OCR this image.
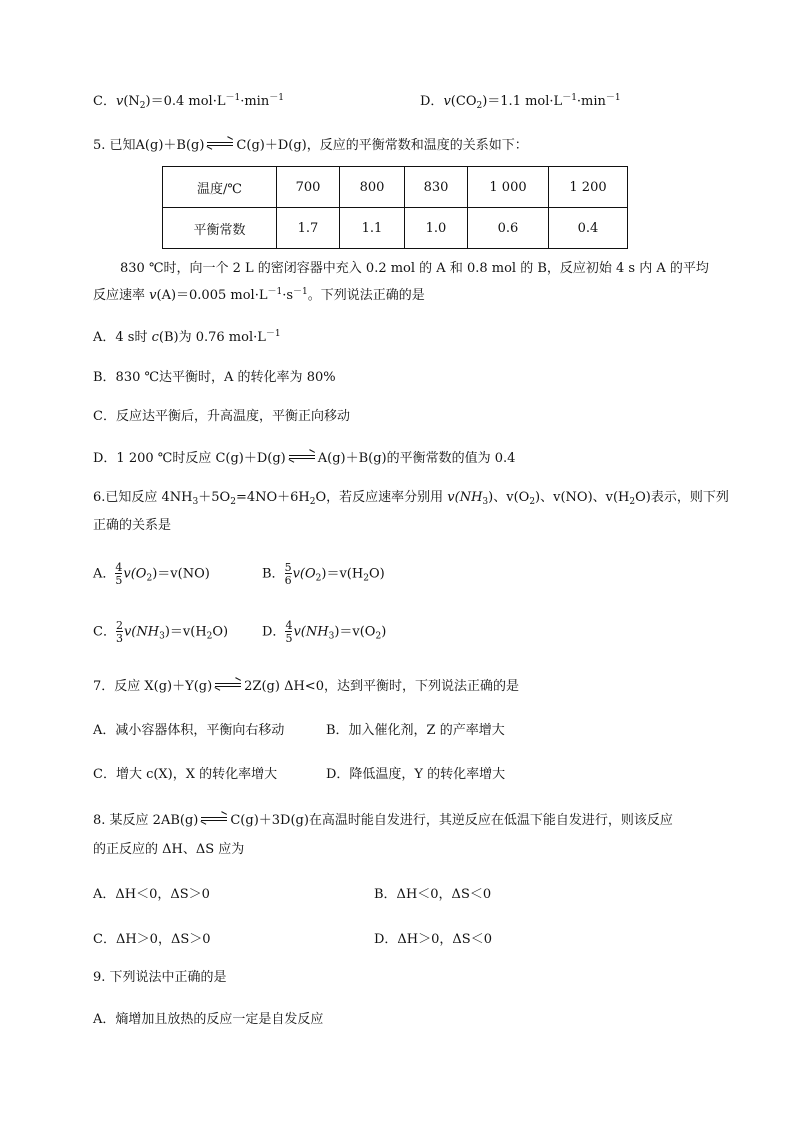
C．$v(N_2)=0.4$ $mol\cdot L^{-1}\cdot\min^{-1}$	D．$v(CO_2)=1.1$ $mol\cdot L^{-1}\cdot\min^{-1}$
5. 已知A(g)＋B(g) C(g)＋D(g)，反应的平衡常数和温度的关系如下：
温度/℃	700	800	830	1 000	1 200
平衡常数	1.7	1.1	1.0	0.6	0.4
830 ℃时，向一个 2 L 的密闭容器中充入 0.2 mol 的 A 和 0.8 mol 的 B，反应初始 4 s 内 A 的平均
反应速率 v(A)＝0.005 $mol\cdot L^{-1}\cdot s^{-1}$。下列说法正确的是
A．4 s时 c(B)为 0.76 $mol\cdot L^{-1}$
B．830 ℃达平衡时，A 的转化率为 80%
C．反应达平衡后，升高温度，平衡正向移动
D．1 200 ℃时反应 C(g)＋D(g) A(g)＋B(g)的平衡常数的值为 0.4
6.已知反应 $4NH_3+5O_2=4NO+6H_2O$，若反应速率分别用 $v(NH_3)$、$v(O_2)$、v(NO)、$v(H_2O)$表示，则下列
正确的关系是
A． $\frac{4}{5} v(O_2)=v(NO)$	B． $\frac{5}{6} v(O_2)=v(H_2O)$
C． $\frac{2}{3} v(NH_3)=v(H_2O)$	D． $\frac{4}{5} v(NH_3)=v(O_2)$
7．反应 X(g)＋Y(g) 2Z(g) ΔH<0，达到平衡时，下列说法正确的是
A．减小容器体积，平衡向右移动	B．加入催化剂，Z 的产率增大
C．增大 c(X)，X 的转化率增大	D．降低温度，Y 的转化率增大
8. 某反应 2AB(g) C(g)＋3D(g)在高温时能自发进行，其逆反应在低温下能自发进行，则该反应
的正反应的 ΔH、ΔS 应为
A．ΔH＜0，ΔS＞0	B．ΔH＜0，ΔS＜0
C．ΔH＞0，ΔS＞0	D．ΔH＞0，ΔS＜0
9. 下列说法中正确的是
A．熵增加且放热的反应一定是自发反应
